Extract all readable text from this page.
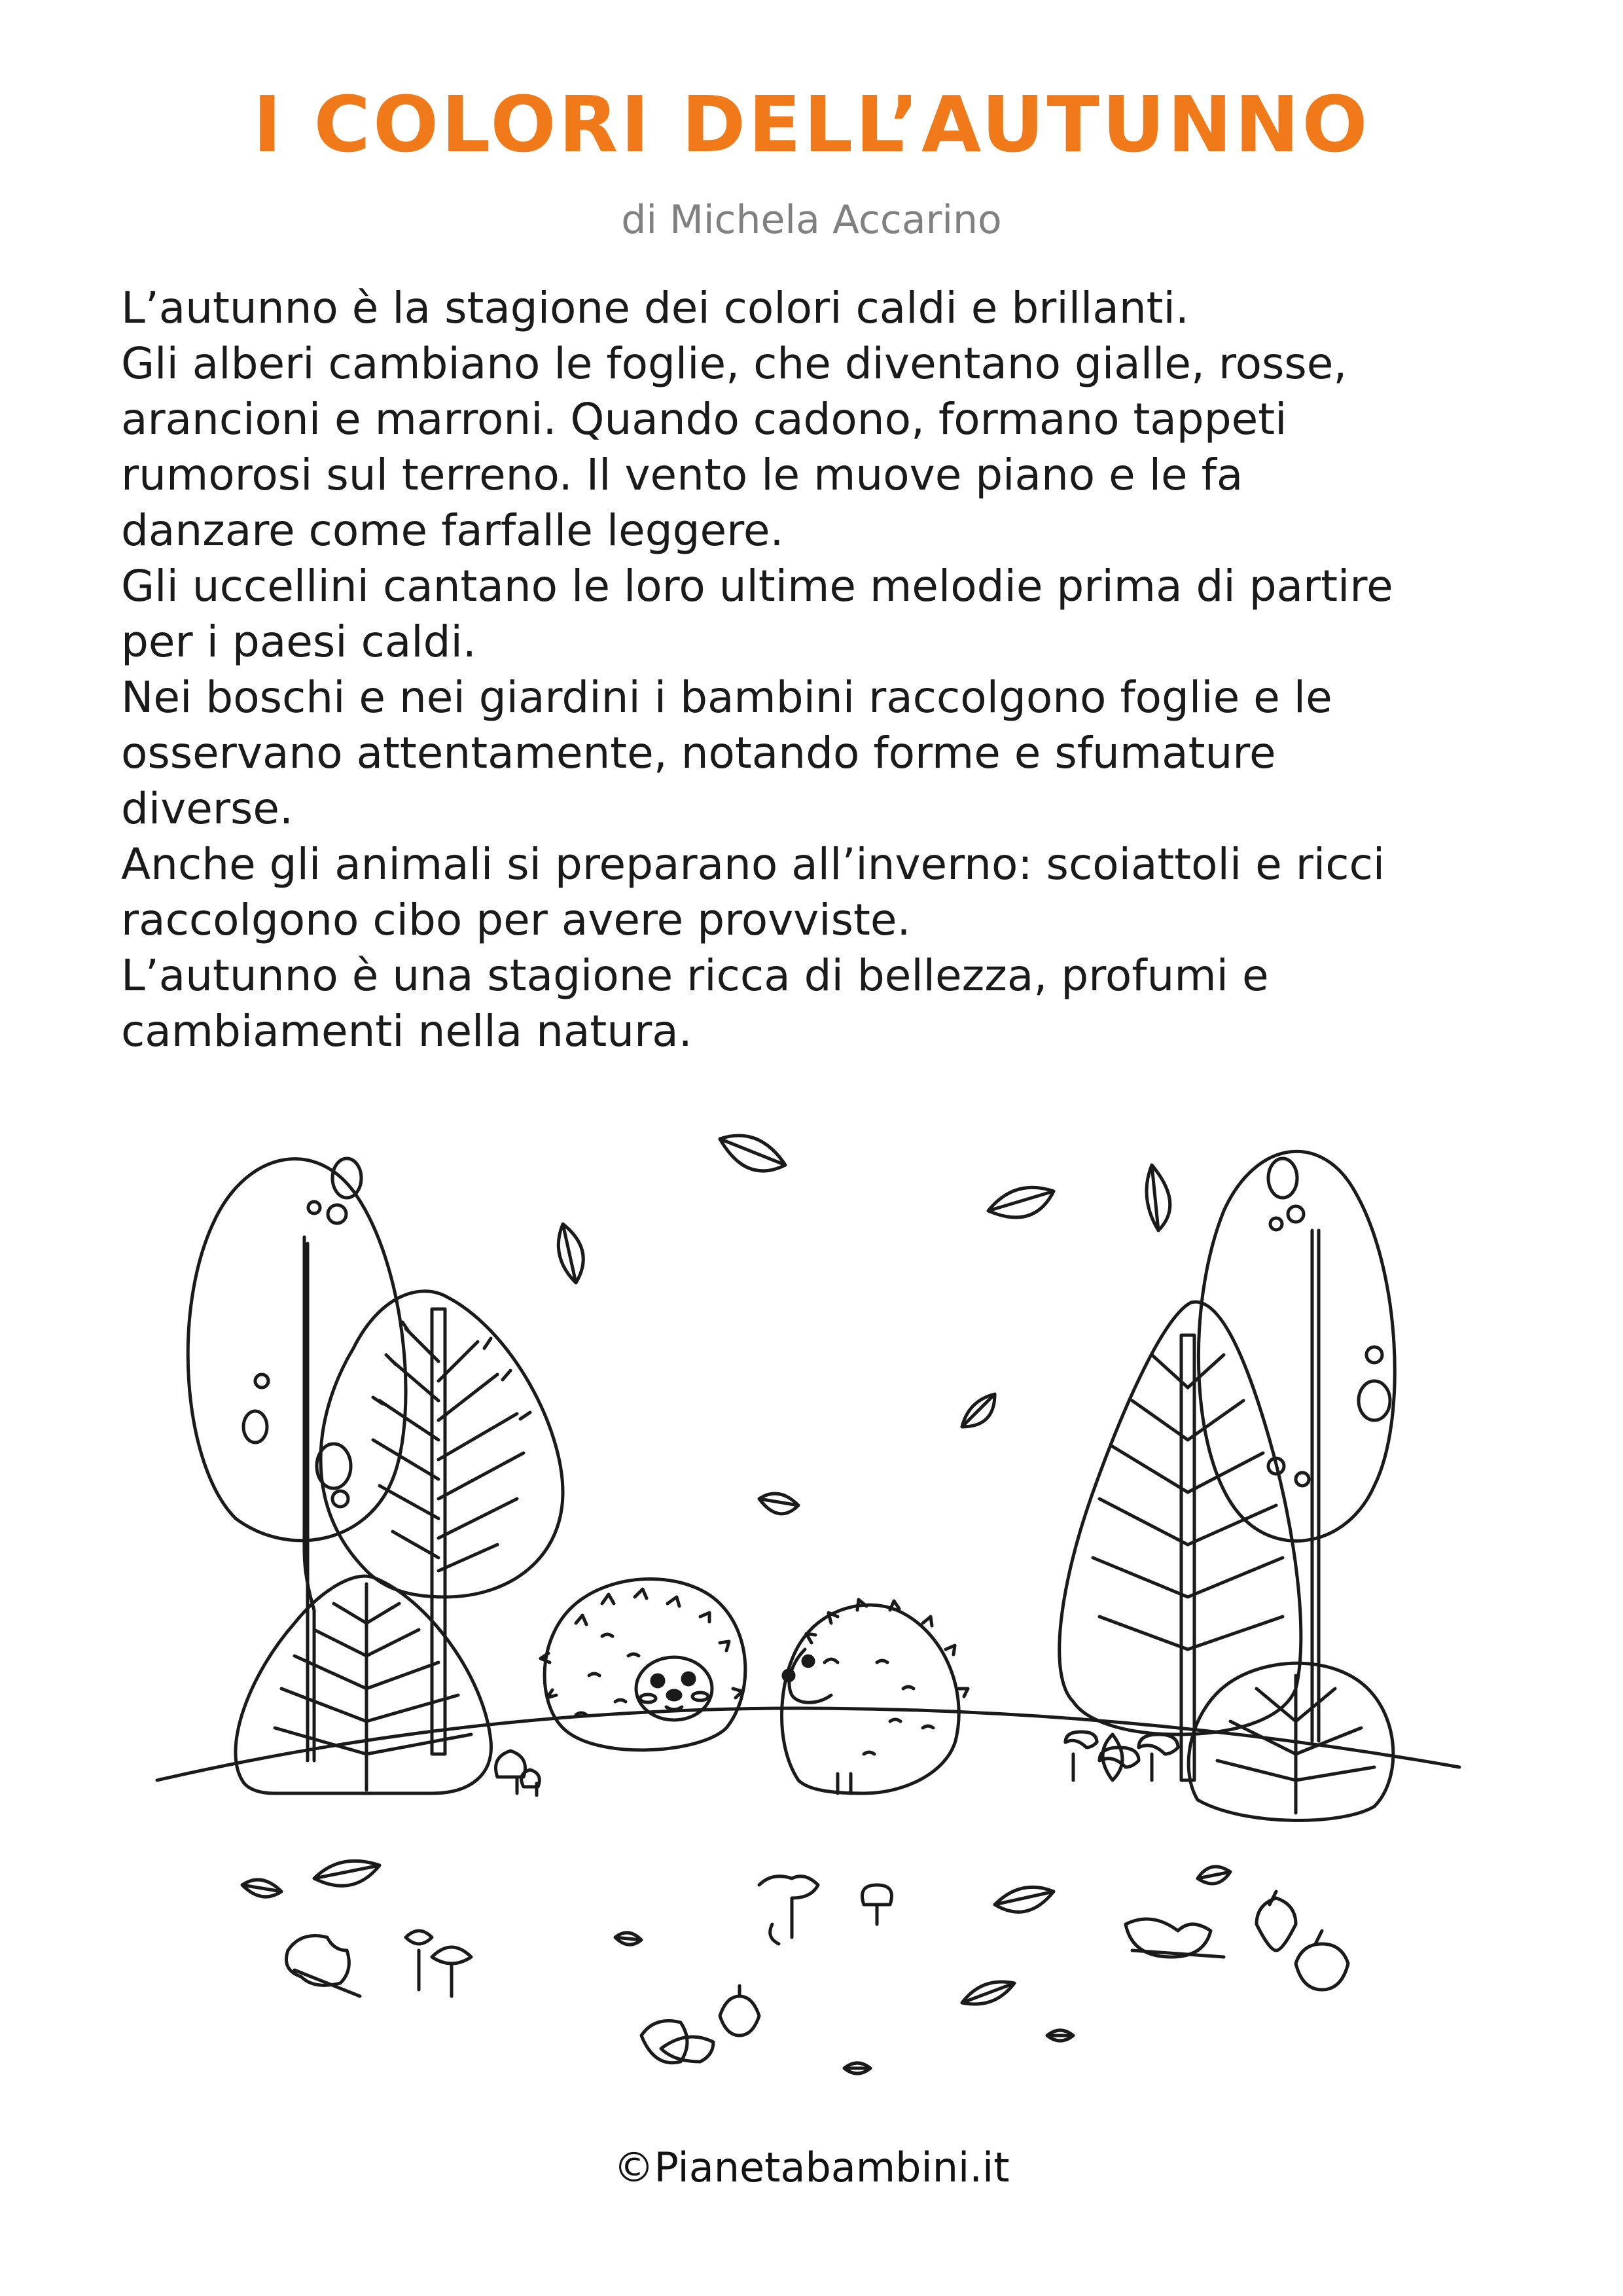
I COLORI DELL’AUTUNNO
di Michela Accarino

L’autunno è la stagione dei colori caldi e brillanti.

Gli alberi cambiano le foglie, che diventano gialle, rosse,

arancioni e marroni. Quando cadono, formano tappeti

rumorosi sul terreno. Il vento le muove piano e le fa

danzare come farfalle leggere.

Gli uccellini cantano le loro ultime melodie prima di partire

per i paesi caldi.

Nei boschi e nei giardini i bambini raccolgono foglie e le

osservano attentamente, notando forme e sfumature

diverse.

Anche gli animali si preparano all’inverno: scoiattoli e ricci

raccolgono cibo per avere provviste.

L’autunno è una stagione ricca di bellezza, profumi e

cambiamenti nella natura.

©Pianetabambini.it
